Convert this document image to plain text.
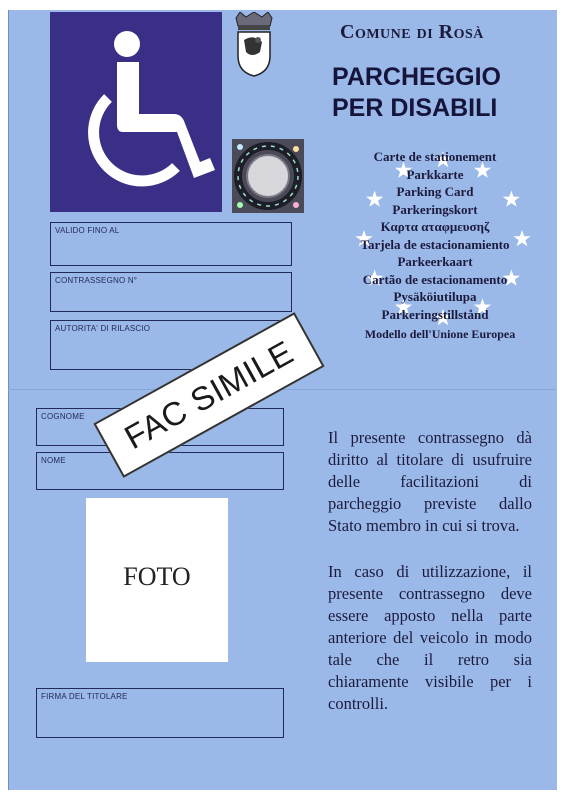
Comune di Rosà
PARCHEGGIO
PER DISABILI
Carte de stationement
Parkkarte
Parking Card
Parkeringskort
Καρτα αταφμευσηζ
Tarjela de estacionamiento
Parkeerkaart
Cartão de estacionamento
Pysäköiutilupa
Parkeringstillstånd
Modello dell'Unione Europea
VALIDO FINO AL
CONTRASSEGNO N°
AUTORITA' DI RILASCIO
COGNOME
NOME
FIRMA DEL TITOLARE
FOTO
Il presente contrassegno dà diritto al titolare di usufruire delle facilitazioni di parcheggio previste dallo Stato membro in cui si trova.
In caso di utilizzazione, il presente contrassegno deve essere apposto nella parte anteriore del veicolo in modo tale che il retro sia chiaramente visibile per i controlli.
FAC SIMILE
